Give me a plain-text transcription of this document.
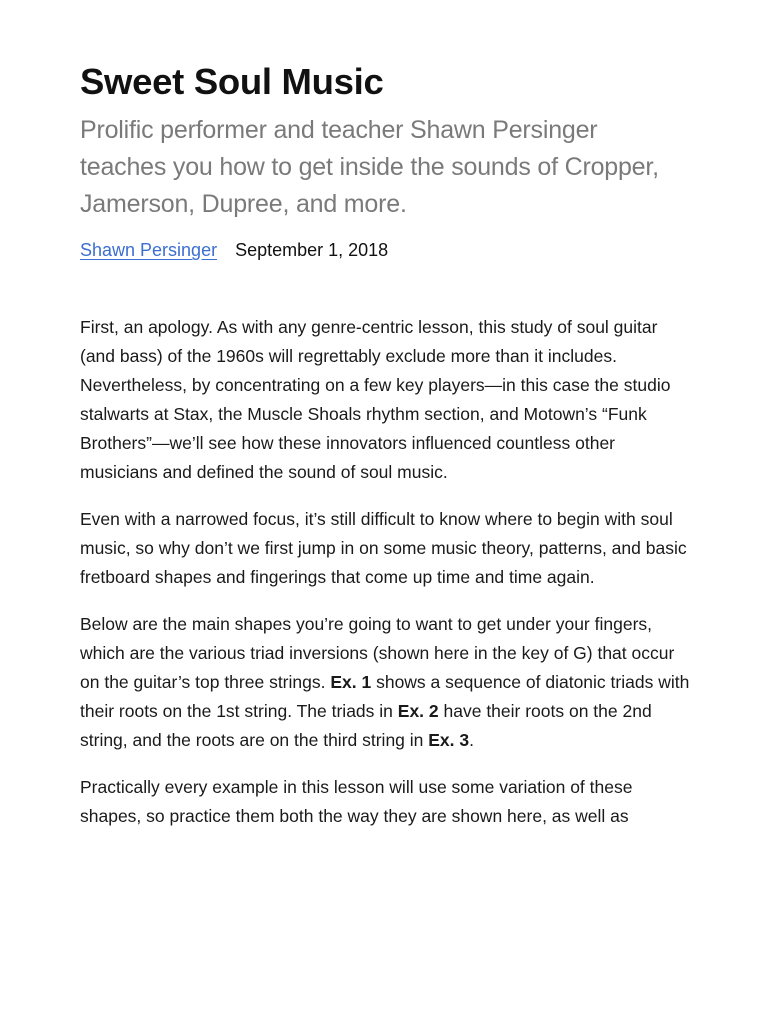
Sweet Soul Music

Prolific performer and teacher Shawn Persinger teaches you how to get inside the sounds of Cropper, Jamerson, Dupree, and more.

Shawn Persinger September 1, 2018

First, an apology. As with any genre-centric lesson, this study of soul guitar (and bass) of the 1960s will regrettably exclude more than it includes. Nevertheless, by concentrating on a few key players—in this case the studio stalwarts at Stax, the Muscle Shoals rhythm section, and Motown’s “Funk Brothers”—we’ll see how these innovators influenced countless other musicians and defined the sound of soul music.

Even with a narrowed focus, it’s still difficult to know where to begin with soul music, so why don’t we first jump in on some music theory, patterns, and basic fretboard shapes and fingerings that come up time and time again.

Below are the main shapes you’re going to want to get under your fingers, which are the various triad inversions (shown here in the key of G) that occur on the guitar’s top three strings. Ex. 1 shows a sequence of diatonic triads with their roots on the 1st string. The triads in Ex. 2 have their roots on the 2nd string, and the roots are on the third string in Ex. 3.

Practically every example in this lesson will use some variation of these shapes, so practice them both the way they are shown here, as well as
